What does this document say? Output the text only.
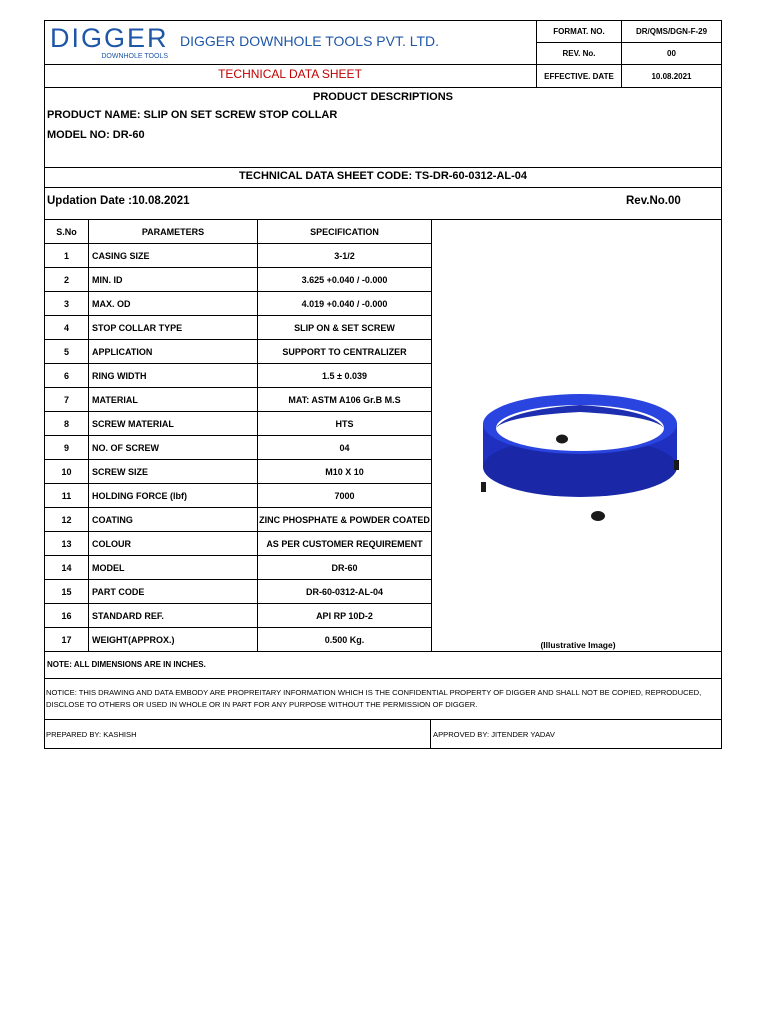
DIGGER
DOWNHOLE TOOLS
DIGGER DOWNHOLE TOOLS PVT. LTD.
TECHNICAL DATA SHEET
FORMAT. NO.	DR/QMS/DGN-F-29
REV. No.	00
EFFECTIVE. DATE	10.08.2021
PRODUCT DESCRIPTIONS
PRODUCT NAME: SLIP ON SET SCREW STOP COLLAR
MODEL NO: DR-60
TECHNICAL DATA SHEET CODE: TS-DR-60-0312-AL-04
Updation Date :10.08.2021	Rev.No.00
S.No	PARAMETERS	SPECIFICATION
1	CASING SIZE	3-1/2
2	MIN. ID	3.625 +0.040 / -0.000
3	MAX. OD	4.019 +0.040 / -0.000
4	STOP COLLAR TYPE	SLIP ON & SET SCREW
5	APPLICATION	SUPPORT TO CENTRALIZER
6	RING WIDTH	1.5 ± 0.039
7	MATERIAL	MAT: ASTM A106 Gr.B M.S
8	SCREW MATERIAL	HTS
9	NO. OF SCREW	04
10	SCREW SIZE	M10 X 10
11	HOLDING FORCE (lbf)	7000
12	COATING	ZINC PHOSPHATE & POWDER COATED
13	COLOUR	AS PER CUSTOMER REQUIREMENT
14	MODEL	DR-60
15	PART CODE	DR-60-0312-AL-04
16	STANDARD REF.	API RP 10D-2
17	WEIGHT(APPROX.)	0.500 Kg.
(Illustrative Image)
NOTE: ALL DIMENSIONS ARE IN INCHES.
NOTICE: THIS DRAWING AND DATA EMBODY ARE PROPREITARY INFORMATION WHICH IS THE CONFIDENTIAL PROPERTY OF DIGGER AND SHALL NOT BE COPIED, REPRODUCED, DISCLOSE TO OTHERS OR USED IN WHOLE OR IN PART FOR ANY PURPOSE WITHOUT THE PERMISSION OF DIGGER.
PREPARED BY: KASHISH	APPROVED BY: JITENDER YADAV
